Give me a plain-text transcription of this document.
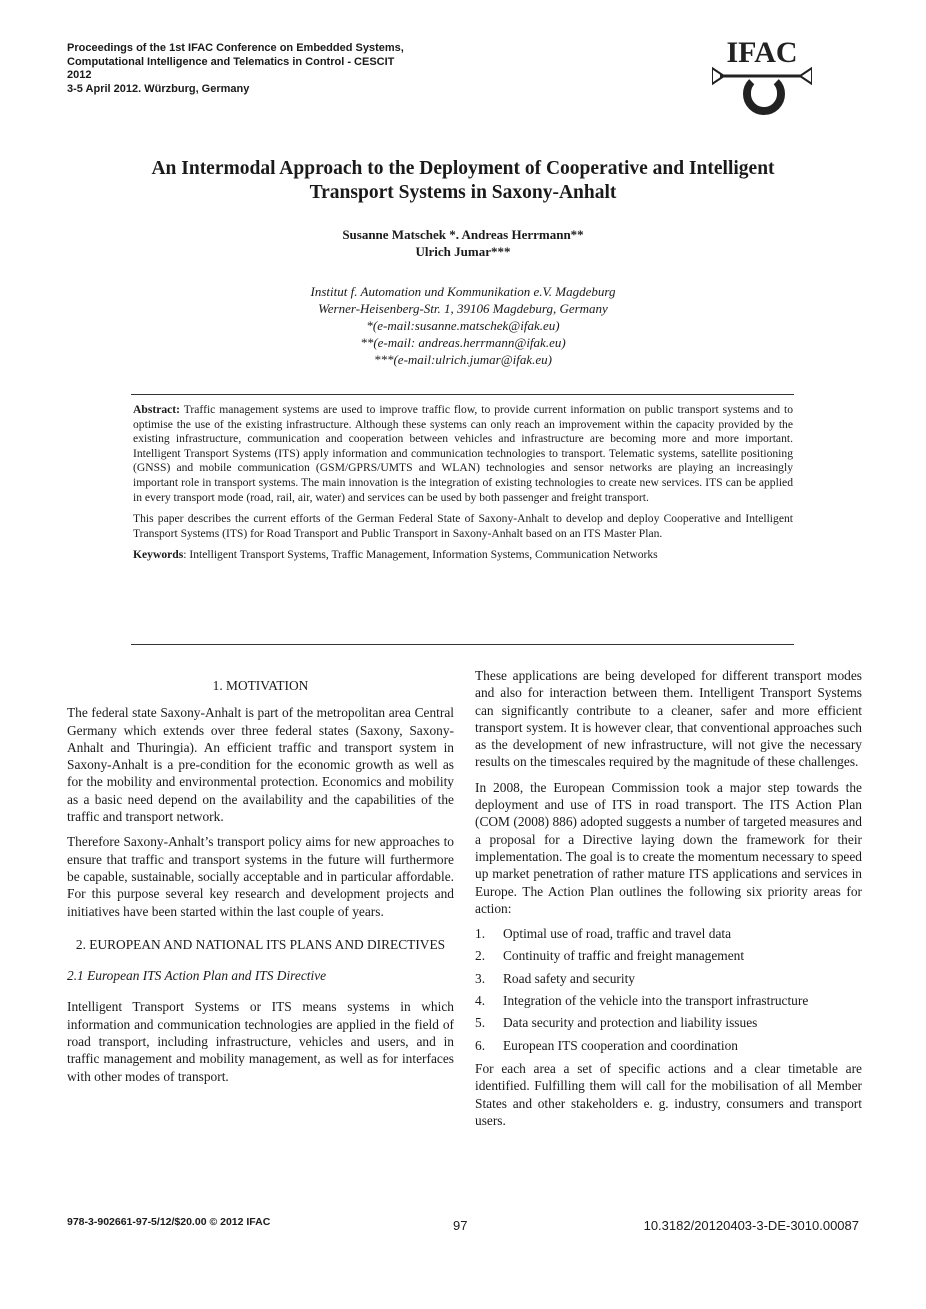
Proceedings of the 1st IFAC Conference on Embedded Systems,
Computational Intelligence and Telematics in Control - CESCIT
2012
3-5 April 2012. Würzburg, Germany
IFAC
An Intermodal Approach to the Deployment of Cooperative and Intelligent
Transport Systems in Saxony-Anhalt
Susanne Matschek *. Andreas Herrmann**
Ulrich Jumar***
Institut f. Automation und Kommunikation e.V. Magdeburg
Werner-Heisenberg-Str. 1, 39106 Magdeburg, Germany
*(e-mail:susanne.matschek@ifak.eu)
**(e-mail: andreas.herrmann@ifak.eu)
***(e-mail:ulrich.jumar@ifak.eu)

Abstract: Traffic management systems are used to improve traffic flow, to provide current information on public transport systems and to optimise the use of the existing infrastructure. Although these systems can only reach an improvement within the capacity provided by the existing infrastructure, communication and cooperation between vehicles and infrastructure are becoming more and more important. Intelligent Transport Systems (ITS) apply information and communication technologies to transport. Telematic systems, satellite positioning (GNSS) and mobile communication (GSM/GPRS/UMTS and WLAN) technologies and sensor networks are playing an increasingly important role in transport systems. The main innovation is the integration of existing technologies to create new services. ITS can be applied in every transport mode (road, rail, air, water) and services can be used by both passenger and freight transport.

This paper describes the current efforts of the German Federal State of Saxony-Anhalt to develop and deploy Cooperative and Intelligent Transport Systems (ITS) for Road Transport and Public Transport in Saxony-Anhalt based on an ITS Master Plan.

Keywords: Intelligent Transport Systems, Traffic Management, Information Systems, Communication Networks

1. MOTIVATION

The federal state Saxony-Anhalt is part of the metropolitan area Central Germany which extends over three federal states (Saxony, Saxony-Anhalt and Thuringia). An efficient traffic and transport system in Saxony-Anhalt is a pre-condition for the economic growth as well as for the mobility and environmental protection. Economics and mobility as a basic need depend on the availability and the capabilities of the traffic and transport network.

Therefore Saxony-Anhalt’s transport policy aims for new approaches to ensure that traffic and transport systems in the future will furthermore be capable, sustainable, socially acceptable and in particular affordable. For this purpose several key research and development projects and initiatives have been started within the last couple of years.

2. EUROPEAN AND NATIONAL ITS PLANS AND DIRECTIVES
2.1 European ITS Action Plan and ITS Directive

Intelligent Transport Systems or ITS means systems in which information and communication technologies are applied in the field of road transport, including infrastructure, vehicles and users, and in traffic management and mobility management, as well as for interfaces with other modes of transport.

These applications are being developed for different transport modes and also for interaction between them. Intelligent Transport Systems can significantly contribute to a cleaner, safer and more efficient transport system. It is however clear, that conventional approaches such as the development of new infrastructure, will not give the necessary results on the timescales required by the magnitude of these challenges.

In 2008, the European Commission took a major step towards the deployment and use of ITS in road transport. The ITS Action Plan (COM (2008) 886) adopted suggests a number of targeted measures and a proposal for a Directive laying down the framework for their implementation. The goal is to create the momentum necessary to speed up market penetration of rather mature ITS applications and services in Europe. The Action Plan outlines the following six priority areas for action:

1.	Optimal use of road, traffic and travel data
2.	Continuity of traffic and freight management
3.	Road safety and security
4.	Integration of the vehicle into the transport infrastructure
5.	Data security and protection and liability issues
6.	European ITS cooperation and coordination

For each area a set of specific actions and a clear timetable are identified. Fulfilling them will call for the mobilisation of all Member States and other stakeholders e. g. industry, consumers and transport users.

978-3-902661-97-5/12/$20.00 © 2012 IFAC	97	10.3182/20120403-3-DE-3010.00087
